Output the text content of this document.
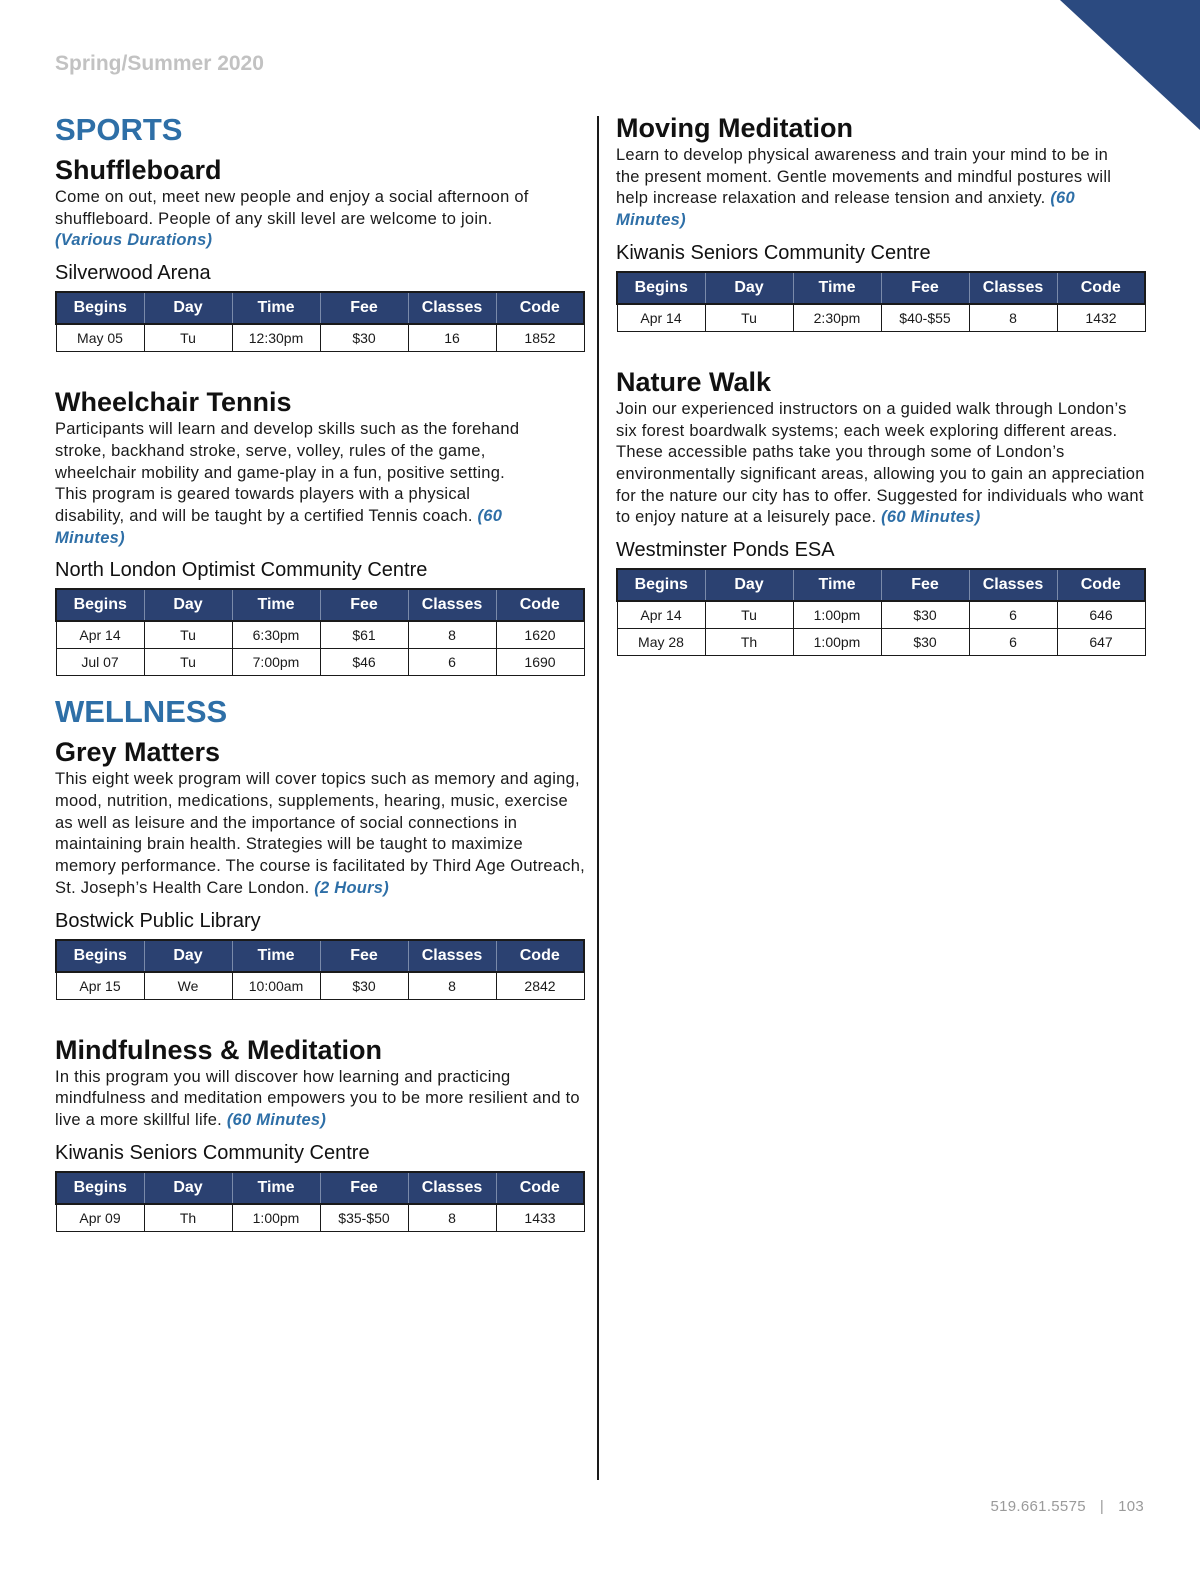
Spring/Summer 2020
SPORTS
Shuffleboard

Come on out, meet new people and enjoy a social afternoon of shuffleboard. People of any skill level are welcome to join.
(Various Durations)

Silverwood Arena
Begins	Day	Time	Fee	Classes	Code
May 05	Tu	12:30pm	$30	16	1852
Wheelchair Tennis

Participants will learn and develop skills such as the forehand stroke, backhand stroke, serve, volley, rules of the game, wheelchair mobility and game-play in a fun, positive setting. This program is geared towards players with a physical disability, and will be taught by a certified Tennis coach. (60 Minutes)

North London Optimist Community Centre
Begins	Day	Time	Fee	Classes	Code
Apr 14	Tu	6:30pm	$61	8	1620
Jul 07	Tu	7:00pm	$46	6	1690
WELLNESS
Grey Matters

This eight week program will cover topics such as memory and aging, mood, nutrition, medications, supplements, hearing, music, exercise as well as leisure and the importance of social connections in maintaining brain health. Strategies will be taught to maximize memory performance. The course is facilitated by Third Age Outreach, St. Joseph’s Health Care London. (2 Hours)

Bostwick Public Library
Begins	Day	Time	Fee	Classes	Code
Apr 15	We	10:00am	$30	8	2842
Mindfulness & Meditation

In this program you will discover how learning and practicing mindfulness and meditation empowers you to be more resilient and to live a more skillful life. (60 Minutes)

Kiwanis Seniors Community Centre
Begins	Day	Time	Fee	Classes	Code
Apr 09	Th	1:00pm	$35-$50	8	1433
Moving Meditation

Learn to develop physical awareness and train your mind to be in the present moment. Gentle movements and mindful postures will help increase relaxation and release tension and anxiety. (60 Minutes)

Kiwanis Seniors Community Centre
Begins	Day	Time	Fee	Classes	Code
Apr 14	Tu	2:30pm	$40-$55	8	1432
Nature Walk

Join our experienced instructors on a guided walk through London’s six forest boardwalk systems; each week exploring different areas. These accessible paths take you through some of London’s environmentally significant areas, allowing you to gain an appreciation for the nature our city has to offer. Suggested for individuals who want to enjoy nature at a leisurely pace. (60 Minutes)

Westminster Ponds ESA
Begins	Day	Time	Fee	Classes	Code
Apr 14	Tu	1:00pm	$30	6	646
May 28	Th	1:00pm	$30	6	647
519.661.5575 | 103
